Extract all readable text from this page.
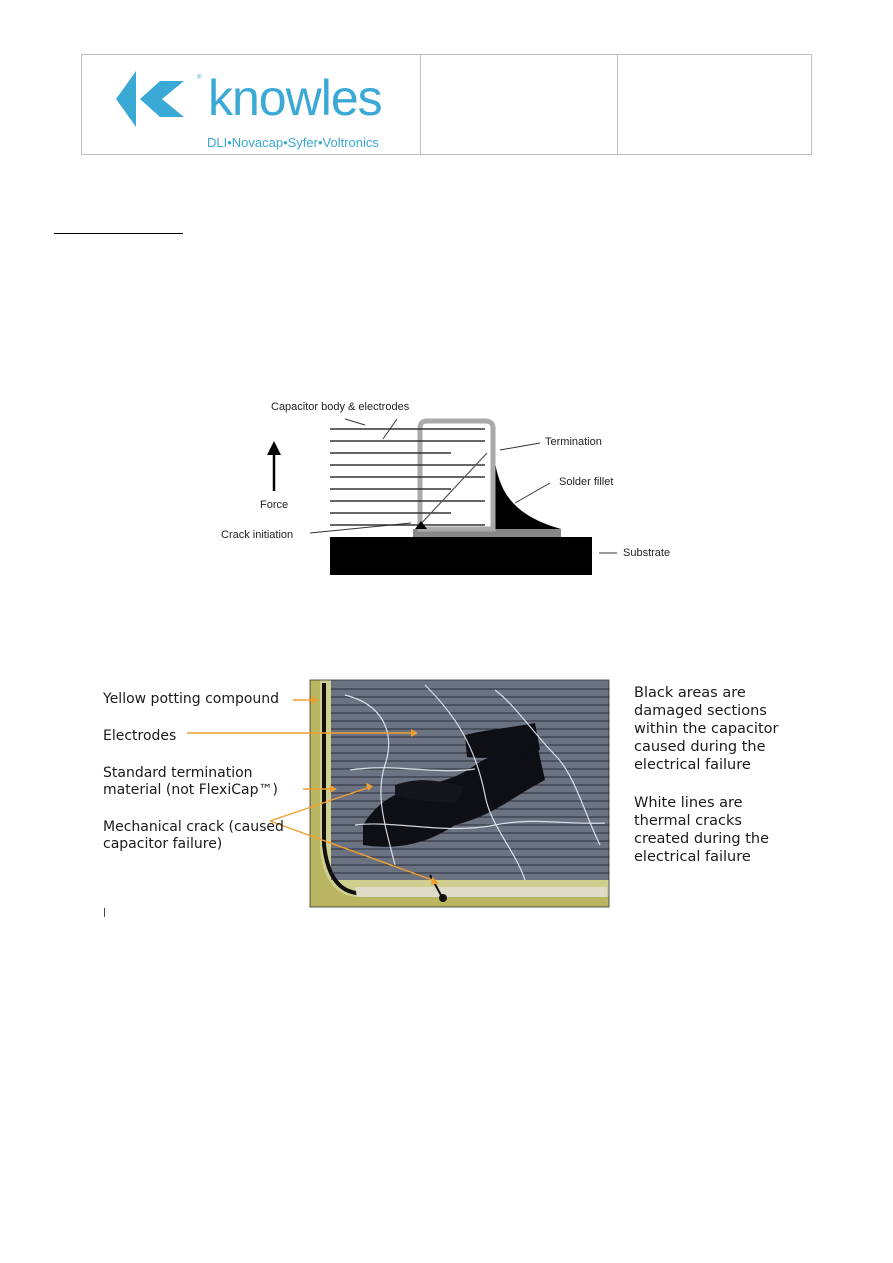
® knowles
DLI•Novacap•Syfer•Voltronics

Capacitor body & electrodes
Termination
Solder fillet
Force
Crack initiation
Substrate
Yellow potting compound
Electrodes
Standard termination
material (not FlexiCap™)
Mechanical crack (caused
capacitor failure)
Black areas are
damaged sections
within the capacitor
caused during the
electrical failure
White lines are
thermal cracks
created during the
electrical failure
